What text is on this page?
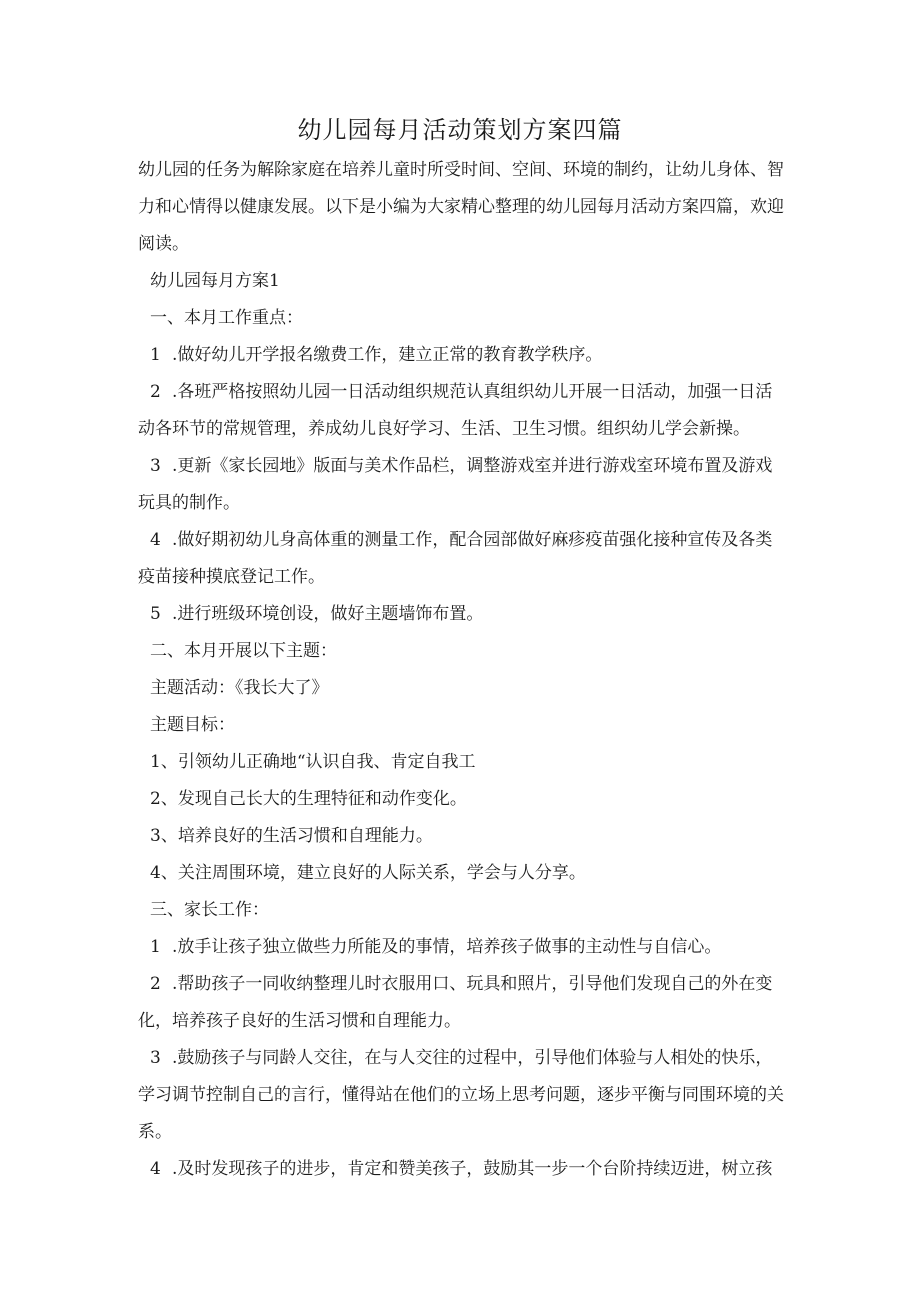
幼儿园每月活动策划方案四篇
幼儿园的任务为解除家庭在培养儿童时所受时间、空间、环境的制约，让幼儿身体、智
力和心情得以健康发展。以下是小编为大家精心整理的幼儿园每月活动方案四篇，欢迎
阅读。
幼儿园每月方案1
一、本月工作重点：
1 .做好幼儿开学报名缴费工作，建立正常的教育教学秩序。
2 .各班严格按照幼儿园一日活动组织规范认真组织幼儿开展一日活动，加强一日活
动各环节的常规管理，养成幼儿良好学习、生活、卫生习惯。组织幼儿学会新操。
3 .更新《家长园地》版面与美术作品栏，调整游戏室并进行游戏室环境布置及游戏
玩具的制作。
4 .做好期初幼儿身高体重的测量工作，配合园部做好麻疹疫苗强化接种宣传及各类
疫苗接种摸底登记工作。
5 .进行班级环境创设，做好主题墙饰布置。
二、本月开展以下主题：
主题活动：《我长大了》
主题目标：
1、引领幼儿正确地“认识自我、肯定自我工
2、发现自己长大的生理特征和动作变化。
3、培养良好的生活习惯和自理能力。
4、关注周围环境，建立良好的人际关系，学会与人分享。
三、家长工作：
1 .放手让孩子独立做些力所能及的事情，培养孩子做事的主动性与自信心。
2 .帮助孩子一同收纳整理儿时衣服用口、玩具和照片，引导他们发现自己的外在变
化，培养孩子良好的生活习惯和自理能力。
3 .鼓励孩子与同龄人交往，在与人交往的过程中，引导他们体验与人相处的快乐，
学习调节控制自己的言行，懂得站在他们的立场上思考问题，逐步平衡与同围环境的关
系。
4 .及时发现孩子的进步，肯定和赞美孩子，鼓励其一步一个台阶持续迈进，树立孩
